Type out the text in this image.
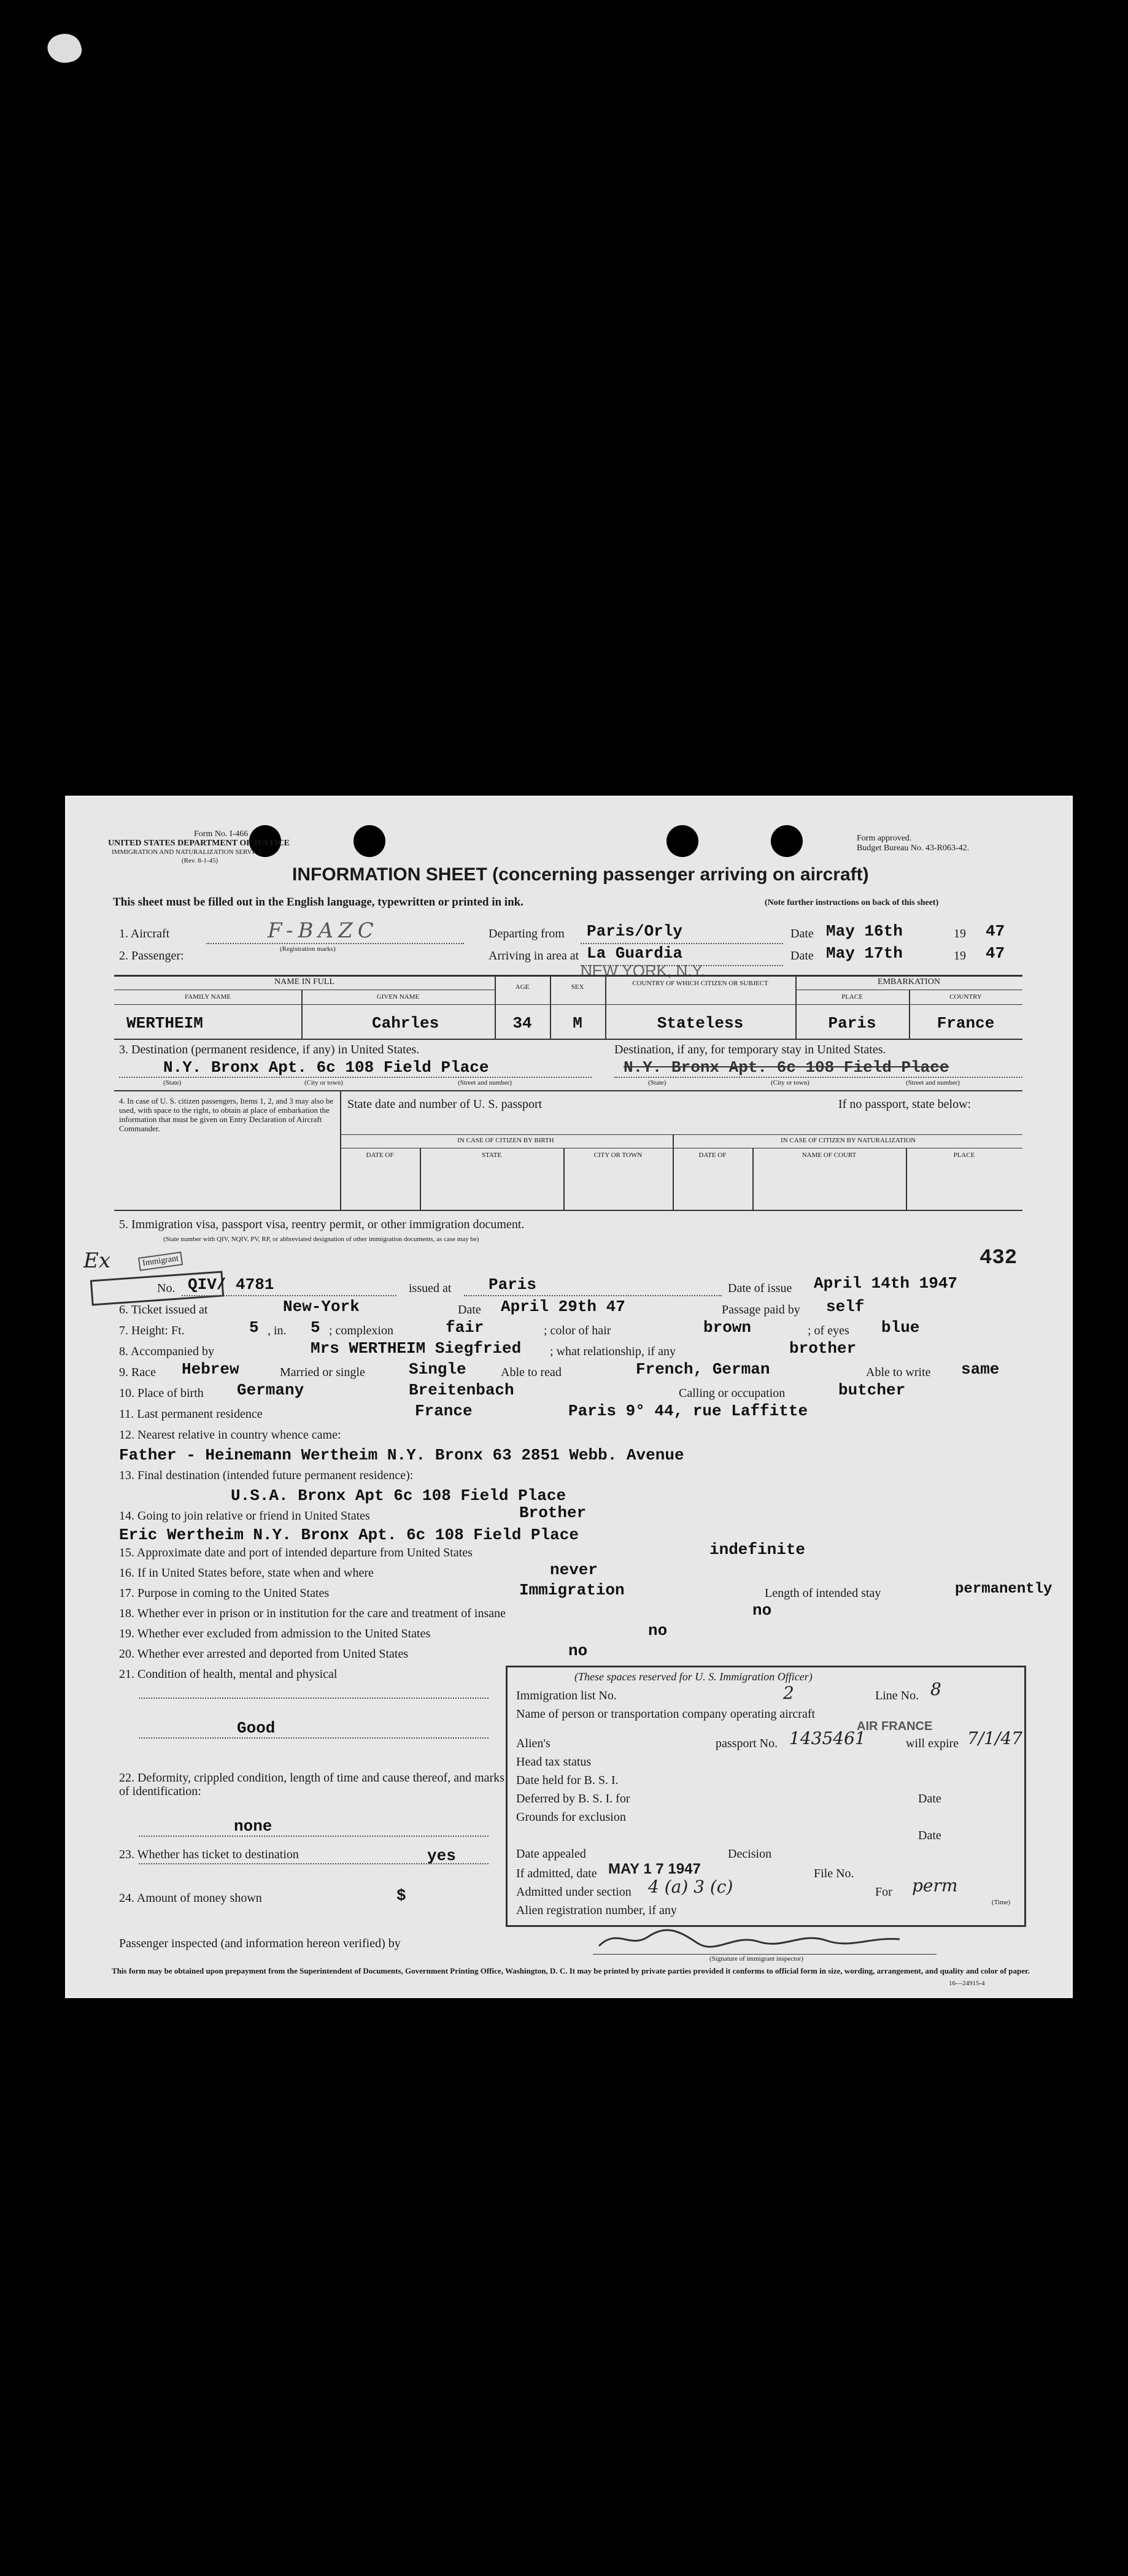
Form No. I-466
UNITED STATES DEPARTMENT OF JUSTICE
IMMIGRATION AND NATURALIZATION SERVICE
(Rev. 8-1-45)
Form approved.
Budget Bureau No. 43-R063-42.
INFORMATION SHEET (concerning passenger arriving on aircraft)
This sheet must be filled out in the English language, typewritten or printed in ink.	(Note further instructions on back of this sheet)
1. Aircraft	F-BAZC
(Registration marks)
Departing from Paris/Orly	Date May 16th	19 47
2. Passenger:	Arriving in area at La Guardia
NEW YORK, N.Y.
Date May 17th	19 47
NAME IN FULL	EMBARKATION
FAMILY NAME	GIVEN NAME
AGE	SEX	COUNTRY OF WHICH CITIZEN OR SUBJECT
PLACE	COUNTRY
WERTHEIM	Cahrles	34	M	Stateless	Paris	France
3. Destination (permanent residence, if any) in United States.	Destination, if any, for temporary stay in United States.
N.Y. Bronx Apt. 6c 108 Field Place	N.Y. Bronx Apt. 6c 108 Field Place
(State)	(City or town)	(Street and number)	(State)	(City or town)	(Street and number)
4. In case of U. S. citizen passengers, Items 1, 2, and 3 may also be used, with space to the right, to obtain at place of embarkation the information that must be given on Entry Declaration of Aircraft Commander.
State date and number of U. S. passport	If no passport, state below:
IN CASE OF CITIZEN BY BIRTH	IN CASE OF CITIZEN BY NATURALIZATION
DATE OF	STATE	CITY OR TOWN	DATE OF	NAME OF COURT	PLACE
5. Immigration visa, passport visa, reentry permit, or other immigration document.
(State number with QIV, NQIV, PV, RP, or abbreviated designation of other immigration documents, as case may be)
Ex	Immigrant
No. QIV/ 4781	issued at Paris	Date of issue April 14th 1947
432
6. Ticket issued at	New-York	Date April 29th 47	Passage paid by self
7. Height: Ft.	5 , in. 5 ; complexion	fair	; color of hair	brown	; of eyes blue
8. Accompanied by	Mrs WERTHEIM Siegfried ; what relationship, if any	brother
9. Race Hebrew	Married or single	Single	Able to read	French, German	Able to write same
10. Place of birth Germany	Breitenbach	Calling or occupation	butcher
11. Last permanent residence	France	Paris 9° 44, rue Laffitte
12. Nearest relative in country whence came:
Father - Heinemann Wertheim N.Y. Bronx 63 2851 Webb. Avenue
13. Final destination (intended future permanent residence):
U.S.A. Bronx Apt 6c 108 Field Place
14. Going to join relative or friend in United States	Brother
Eric Wertheim N.Y. Bronx Apt. 6c 108 Field Place
15. Approximate date and port of intended departure from United States	indefinite
16. If in United States before, state when and where	never
17. Purpose in coming to the United States	Immigration	Length of intended stay	permanently
18. Whether ever in prison or in institution for the care and treatment of insane	no
19. Whether ever excluded from admission to the United States	no
20. Whether ever arrested and deported from United States	no
21. Condition of health, mental and physical
Good
22. Deformity, crippled condition, length of time and cause thereof, and marks of identification:
none
23. Whether has ticket to destination	yes
24. Amount of money shown	$
(These spaces reserved for U. S. Immigration Officer)
Immigration list No.	2	Line No. 8
Name of person or transportation company operating aircraft
AIR FRANCE
Alien's	passport No. 1435461	will expire 7/1/47
Head tax status
Date held for B. S. I.
Deferred by B. S. I. for	Date
Grounds for exclusion
Date
Date appealed	Decision
If admitted, date MAY 1 7 1947	File No.
Admitted under section 4 (a) 3 (c)	For perm
(Time)
Alien registration number, if any
Passenger inspected (and information hereon verified) by
(Signature of immigrant inspector)
This form may be obtained upon prepayment from the Superintendent of Documents, Government Printing Office, Washington, D. C. It may be printed by private parties provided it conforms to official form in size, wording, arrangement, and quality and color of paper.
16—24915-4
